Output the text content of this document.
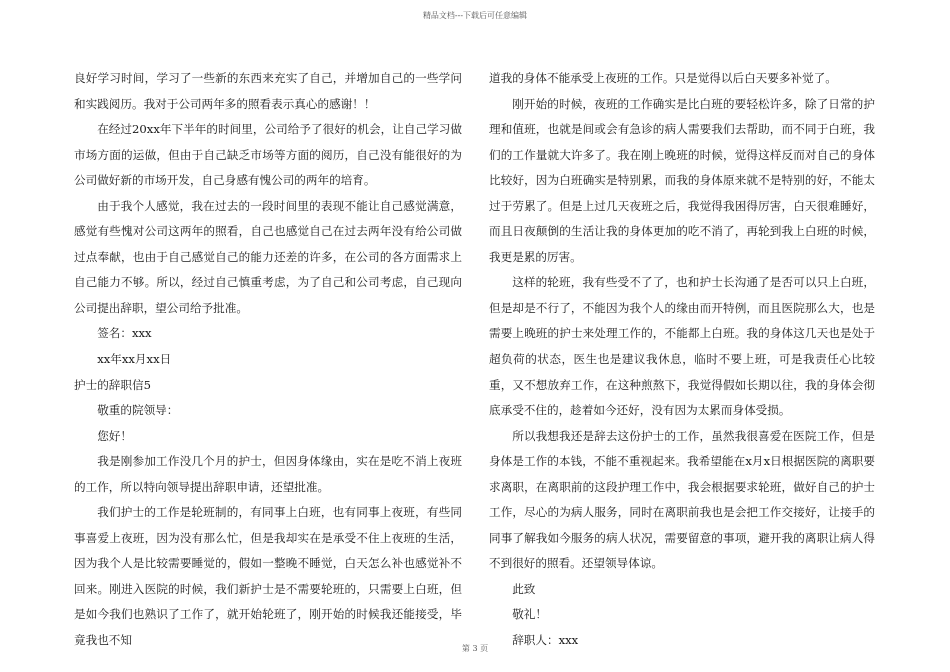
精品文档---下载后可任意编辑

良好学习时间，学习了一些新的东西来充实了自己，并增加自己的一些学问和实践阅历。我对于公司两年多的照看表示真心的感谢！！

在经过20xx年下半年的时间里，公司给予了很好的机会，让自己学习做市场方面的运做，但由于自己缺乏市场等方面的阅历，自己没有能很好的为公司做好新的市场开发，自己身感有愧公司的两年的培育。

由于我个人感觉，我在过去的一段时间里的表现不能让自己感觉满意，感觉有些愧对公司这两年的照看，自己也感觉自己在过去两年没有给公司做过点奉献，也由于自己感觉自己的能力还差的许多，在公司的各方面需求上自己能力不够。所以，经过自己慎重考虑，为了自己和公司考虑，自己现向公司提出辞职，望公司给予批准。

签名：xxx

xx年xx月xx日

护士的辞职信5

敬重的院领导：

您好！

我是刚参加工作没几个月的护士，但因身体缘由，实在是吃不消上夜班的工作，所以特向领导提出辞职申请，还望批准。

我们护士的工作是轮班制的，有同事上白班，也有同事上夜班，有些同事喜爱上夜班，因为没有那么忙，但是我却实在是承受不住上夜班的生活，因为我个人是比较需要睡觉的，假如一整晚不睡觉，白天怎么补也感觉补不回来。刚进入医院的时候，我们新护士是不需要轮班的，只需要上白班，但是如今我们也熟识了工作了，就开始轮班了，刚开始的时候我还能接受，毕竟我也不知

道我的身体不能承受上夜班的工作。只是觉得以后白天要多补觉了。

刚开始的时候，夜班的工作确实是比白班的要轻松许多，除了日常的护理和值班，也就是间或会有急诊的病人需要我们去帮助，而不同于白班，我们的工作量就大许多了。我在刚上晚班的时候，觉得这样反而对自己的身体比较好，因为白班确实是特别累，而我的身体原来就不是特别的好，不能太过于劳累了。但是上过几天夜班之后，我觉得我困得厉害，白天很难睡好，而且日夜颠倒的生活让我的身体更加的吃不消了，再轮到我上白班的时候，我更是累的厉害。

这样的轮班，我有些受不了了，也和护士长沟通了是否可以只上白班，但是却是不行了，不能因为我个人的缘由而开特例，而且医院那么大，也是需要上晚班的护士来处理工作的，不能都上白班。我的身体这几天也是处于超负荷的状态，医生也是建议我休息，临时不要上班，可是我责任心比较重，又不想放弃工作，在这种煎熬下，我觉得假如长期以往，我的身体会彻底承受不住的，趁着如今还好，没有因为太累而身体受损。

所以我想我还是辞去这份护士的工作，虽然我很喜爱在医院工作，但是身体是工作的本钱，不能不重视起来。我希望能在x月x日根据医院的离职要求离职，在离职前的这段护理工作中，我会根据要求轮班，做好自己的护士工作，尽心的为病人服务，同时在离职前我也是会把工作交接好，让接手的同事了解我如今服务的病人状况，需要留意的事项，避开我的离职让病人得不到很好的照看。还望领导体谅。

此致

敬礼！

辞职人：xxx

第 3 页
